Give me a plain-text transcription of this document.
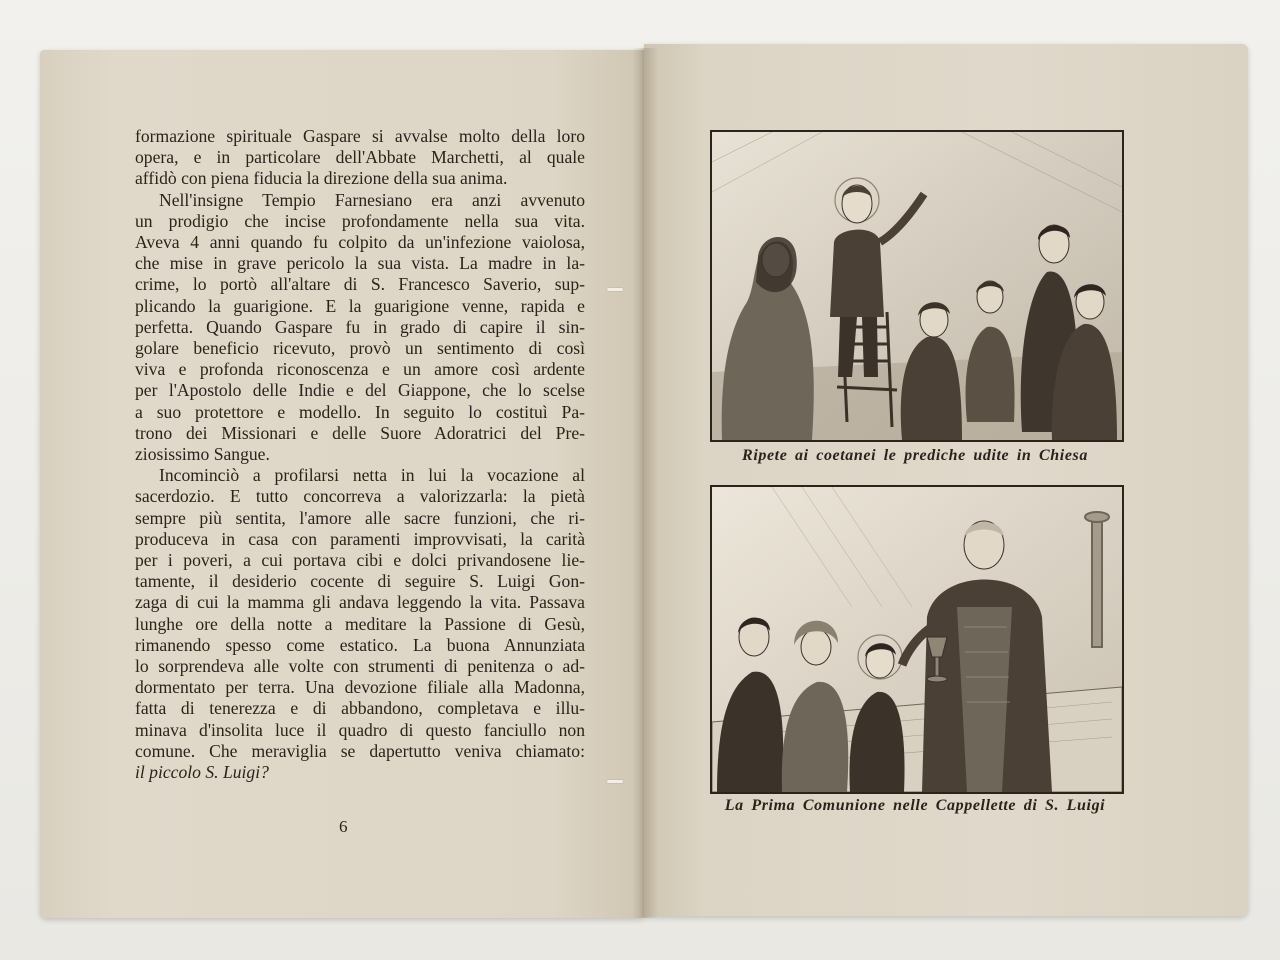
formazione spirituale Gaspare si avvalse molto della loro
opera, e in particolare dell'Abbate Marchetti, al quale
affidò con piena fiducia la direzione della sua anima.

Nell'insigne Tempio Farnesiano era anzi avvenuto
un prodigio che incise profondamente nella sua vita.
Aveva 4 anni quando fu colpito da un'infezione vaiolosa,
che mise in grave pericolo la sua vista. La madre in la-
crime, lo portò all'altare di S. Francesco Saverio, sup-
plicando la guarigione. E la guarigione venne, rapida e
perfetta. Quando Gaspare fu in grado di capire il sin-
golare beneficio ricevuto, provò un sentimento di così
viva e profonda riconoscenza e un amore così ardente
per l'Apostolo delle Indie e del Giappone, che lo scelse
a suo protettore e modello. In seguito lo costituì Pa-
trono dei Missionari e delle Suore Adoratrici del Pre-
ziosissimo Sangue.

Incominciò a profilarsi netta in lui la vocazione al
sacerdozio. E tutto concorreva a valorizzarla: la pietà
sempre più sentita, l'amore alle sacre funzioni, che ri-
produceva in casa con paramenti improvvisati, la carità
per i poveri, a cui portava cibi e dolci privandosene lie-
tamente, il desiderio cocente di seguire S. Luigi Gon-
zaga di cui la mamma gli andava leggendo la vita. Passava
lunghe ore della notte a meditare la Passione di Gesù,
rimanendo spesso come estatico. La buona Annunziata
lo sorprendeva alle volte con strumenti di penitenza o ad-
dormentato per terra. Una devozione filiale alla Madonna,
fatta di tenerezza e di abbandono, completava e illu-
minava d'insolita luce il quadro di questo fanciullo non
comune. Che meraviglia se dapertutto veniva chiamato:

il piccolo S. Luigi?

6
Ripete ai coetanei le prediche udite in Chiesa
La Prima Comunione nelle Cappellette di S. Luigi
